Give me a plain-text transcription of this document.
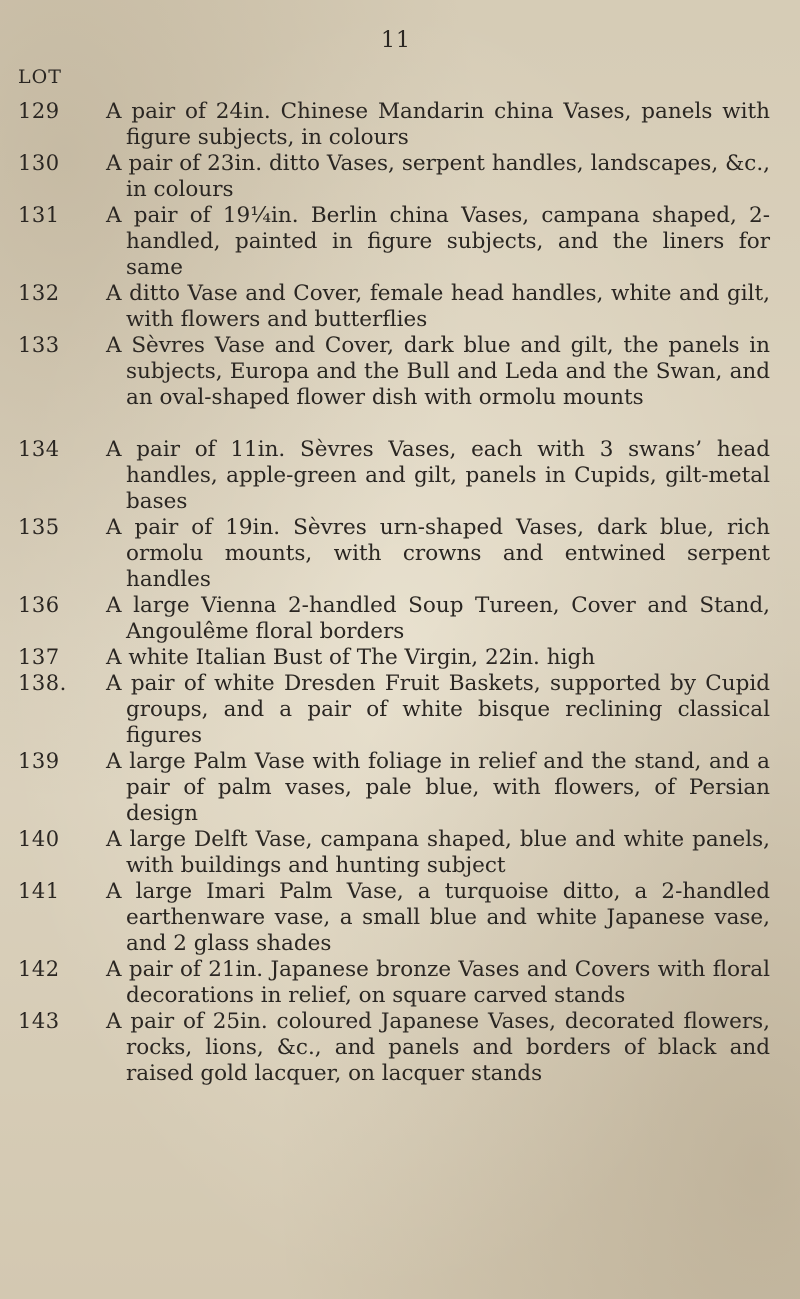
11
LOT
129 A pair of 24in. Chinese Mandarin china Vases, panels with figure subjects, in colours
130 A pair of 23in. ditto Vases, serpent handles, landscapes, &c., in colours
131 A pair of 19¼in. Berlin china Vases, campana shaped, 2-handled, painted in figure subjects, and the liners for same
132 A ditto Vase and Cover, female head handles, white and gilt, with flowers and butterflies
133 A Sèvres Vase and Cover, dark blue and gilt, the panels in subjects, Europa and the Bull and Leda and the Swan, and an oval-shaped flower dish with ormolu mounts
134 A pair of 11in. Sèvres Vases, each with 3 swans’ head handles, apple-green and gilt, panels in Cupids, gilt-metal bases
135 A pair of 19in. Sèvres urn-shaped Vases, dark blue, rich ormolu mounts, with crowns and entwined serpent handles
136 A large Vienna 2-handled Soup Tureen, Cover and Stand, Angoulême floral borders
137 A white Italian Bust of The Virgin, 22in. high
138. A pair of white Dresden Fruit Baskets, supported by Cupid groups, and a pair of white bisque reclining classical figures
139 A large Palm Vase with foliage in relief and the stand, and a pair of palm vases, pale blue, with flowers, of Persian design
140 A large Delft Vase, campana shaped, blue and white panels, with buildings and hunting subject
141 A large Imari Palm Vase, a turquoise ditto, a 2-handled earthenware vase, a small blue and white Japanese vase, and 2 glass shades
142 A pair of 21in. Japanese bronze Vases and Covers with floral decorations in relief, on square carved stands
143 A pair of 25in. coloured Japanese Vases, decorated flowers, rocks, lions, &c., and panels and borders of black and raised gold lacquer, on lacquer stands
